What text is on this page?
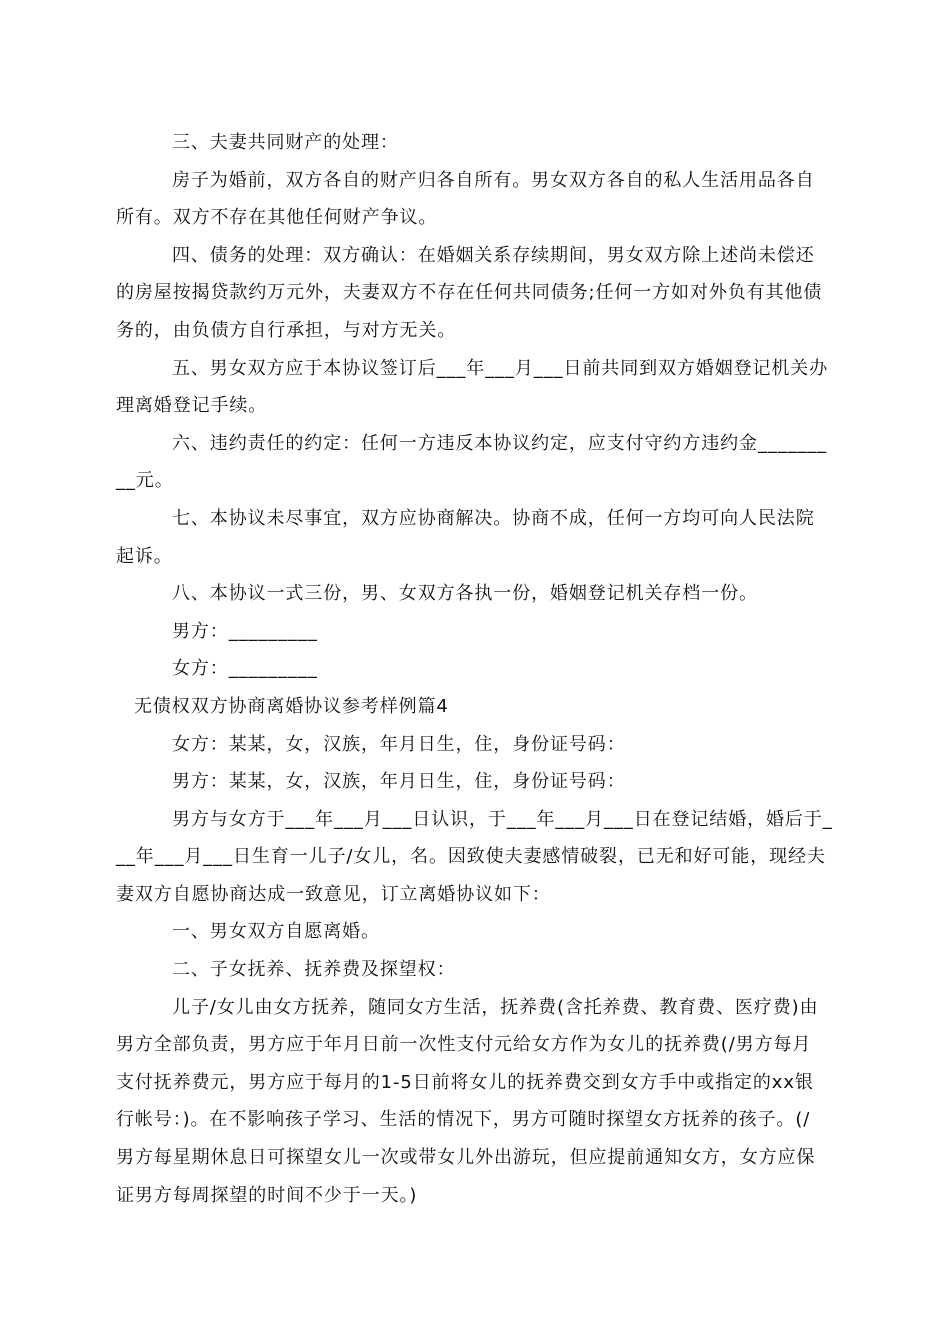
三、夫妻共同财产的处理：
房子为婚前，双方各自的财产归各自所有。男女双方各自的私人生活用品各自
所有。双方不存在其他任何财产争议。
四、债务的处理：双方确认：在婚姻关系存续期间，男女双方除上述尚未偿还
的房屋按揭贷款约万元外，夫妻双方不存在任何共同债务;任何一方如对外负有其他债
务的，由负债方自行承担，与对方无关。
五、男女双方应于本协议签订后___年___月___日前共同到双方婚姻登记机关办
理离婚登记手续。
六、违约责任的约定：任何一方违反本协议约定，应支付守约方违约金_______
__元。
七、本协议未尽事宜，双方应协商解决。协商不成，任何一方均可向人民法院
起诉。
八、本协议一式三份，男、女双方各执一份，婚姻登记机关存档一份。
男方：_________
女方：_________
无债权双方协商离婚协议参考样例篇4
女方：某某，女，汉族，年月日生，住，身份证号码：
男方：某某，女，汉族，年月日生，住，身份证号码：
男方与女方于___年___月___日认识，于___年___月___日在登记结婚，婚后于_
__年___月___日生育一儿子/女儿，名。因致使夫妻感情破裂，已无和好可能，现经夫
妻双方自愿协商达成一致意见，订立离婚协议如下：
一、男女双方自愿离婚。
二、子女抚养、抚养费及探望权：
儿子/女儿由女方抚养，随同女方生活，抚养费(含托养费、教育费、医疗费)由
男方全部负责，男方应于年月日前一次性支付元给女方作为女儿的抚养费(/男方每月
支付抚养费元，男方应于每月的1-5日前将女儿的抚养费交到女方手中或指定的xx银
行帐号：)。在不影响孩子学习、生活的情况下，男方可随时探望女方抚养的孩子。(/
男方每星期休息日可探望女儿一次或带女儿外出游玩，但应提前通知女方，女方应保
证男方每周探望的时间不少于一天。)
